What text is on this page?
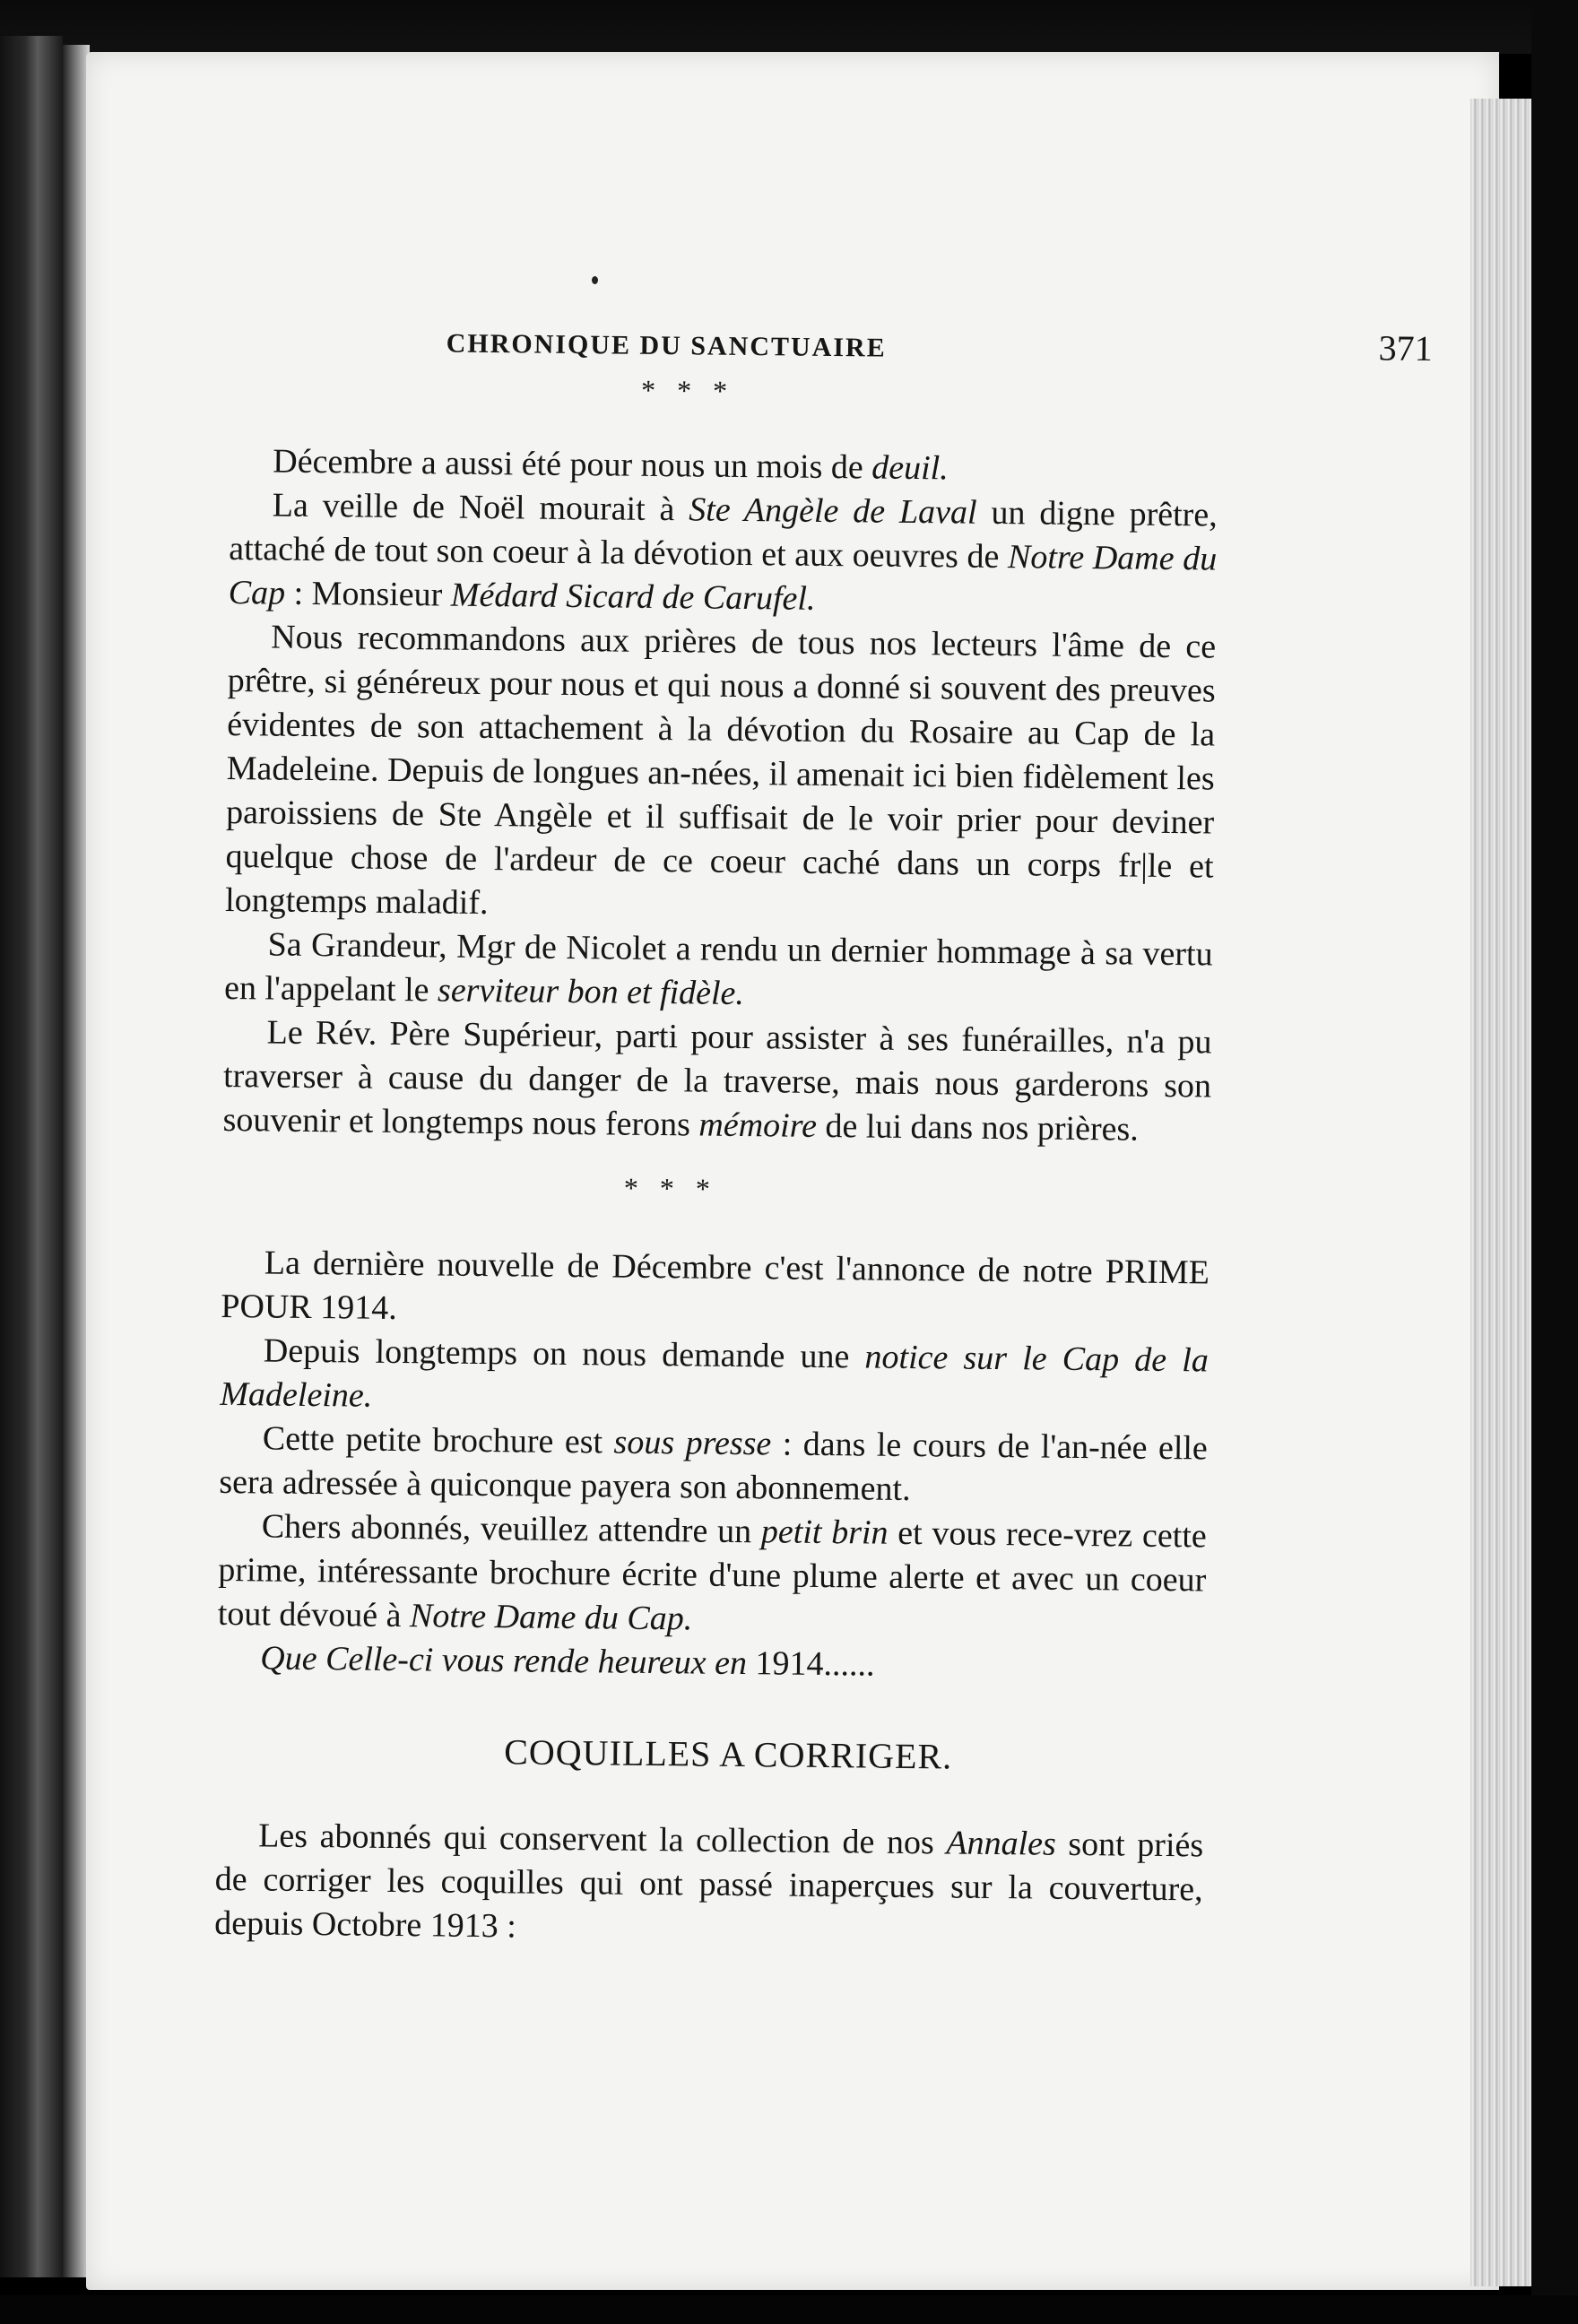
CHRONIQUE DU SANCTUAIRE	371
* * *

Décembre a aussi été pour nous un mois de deuil.

La veille de Noël mourait à Ste Angèle de Laval un digne prêtre, attaché de tout son coeur à la dévotion et aux oeuvres de Notre Dame du Cap : Monsieur Médard Sicard de Carufel.

Nous recommandons aux prières de tous nos lecteurs l'âme de ce prêtre, si généreux pour nous et qui nous a donné si souvent des preuves évidentes de son attachement à la dévotion du Rosaire au Cap de la Madeleine. Depuis de longues an-nées, il amenait ici bien fidèlement les paroissiens de Ste Angèle et il suffisait de le voir prier pour deviner quelque chose de l'ardeur de ce coeur caché dans un corps fr|le et longtemps maladif.

Sa Grandeur, Mgr de Nicolet a rendu un dernier hommage à sa vertu en l'appelant le serviteur bon et fidèle.

Le Rév. Père Supérieur, parti pour assister à ses funérailles, n'a pu traverser à cause du danger de la traverse, mais nous garderons son souvenir et longtemps nous ferons mémoire de lui dans nos prières.

* * *

La dernière nouvelle de Décembre c'est l'annonce de notre PRIME POUR 1914.

Depuis longtemps on nous demande une notice sur le Cap de la Madeleine.

Cette petite brochure est sous presse : dans le cours de l'an-née elle sera adressée à quiconque payera son abonnement.

Chers abonnés, veuillez attendre un petit brin et vous rece-vrez cette prime, intéressante brochure écrite d'une plume alerte et avec un coeur tout dévoué à Notre Dame du Cap.

Que Celle-ci vous rende heureux en 1914......

COQUILLES A CORRIGER.

Les abonnés qui conservent la collection de nos Annales sont priés de corriger les coquilles qui ont passé inaperçues sur la couverture, depuis Octobre 1913 :
